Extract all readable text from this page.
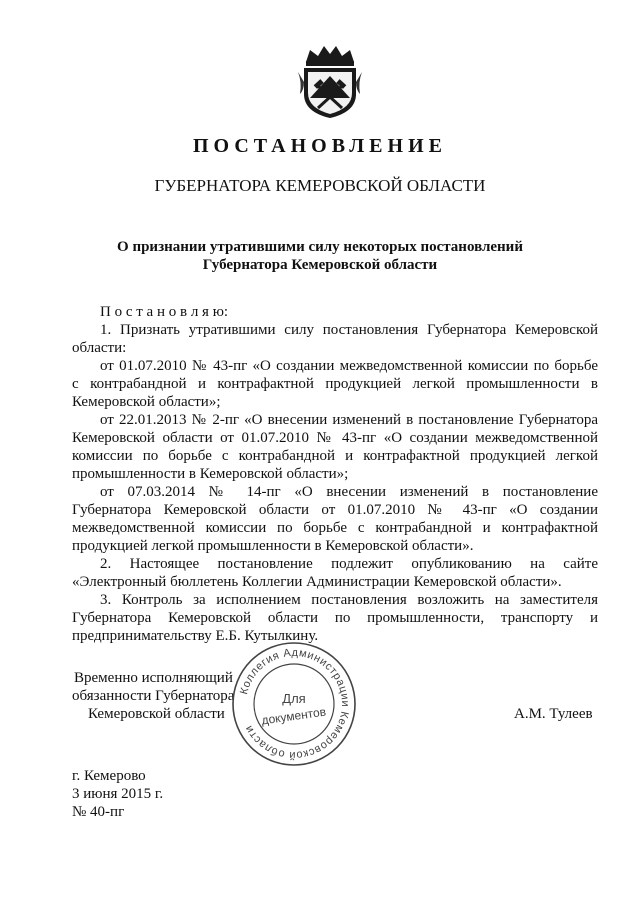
ПОСТАНОВЛЕНИЕ
ГУБЕРНАТОРА КЕМЕРОВСКОЙ ОБЛАСТИ
О признании утратившими силу некоторых постановлений
Губернатора Кемеровской области
П о с т а н о в л я ю:
1. Признать утратившими силу постановления Губернатора Кемеровской
области:
от 01.07.2010 № 43-пг «О создании межведомственной комиссии по борьбе
с контрабандной и контрафактной продукцией легкой промышленности в
Кемеровской области»;
от 22.01.2013 № 2-пг «О внесении изменений в постановление Губернатора
Кемеровской области от 01.07.2010 № 43-пг «О создании межведомственной
комиссии по борьбе с контрабандной и контрафактной продукцией легкой
промышленности в Кемеровской области»;
от 07.03.2014 № 14-пг «О внесении изменений в постановление
Губернатора Кемеровской области от 01.07.2010 № 43-пг «О создании
межведомственной комиссии по борьбе с контрабандной и контрафактной
продукцией легкой промышленности в Кемеровской области».
2. Настоящее постановление подлежит опубликованию на сайте
«Электронный бюллетень Коллегии Администрации Кемеровской области».
3. Контроль за исполнением постановления возложить на заместителя
Губернатора Кемеровской области по промышленности, транспорту и
предпринимательству Е.Б. Кутылкину.
Временно исполняющий
обязанности Губернатора
Кемеровской области	А.М. Тулеев
Коллегия Администрации Кемеровской области
Для
документов
г. Кемерово
3 июня 2015 г.
№ 40-пг
